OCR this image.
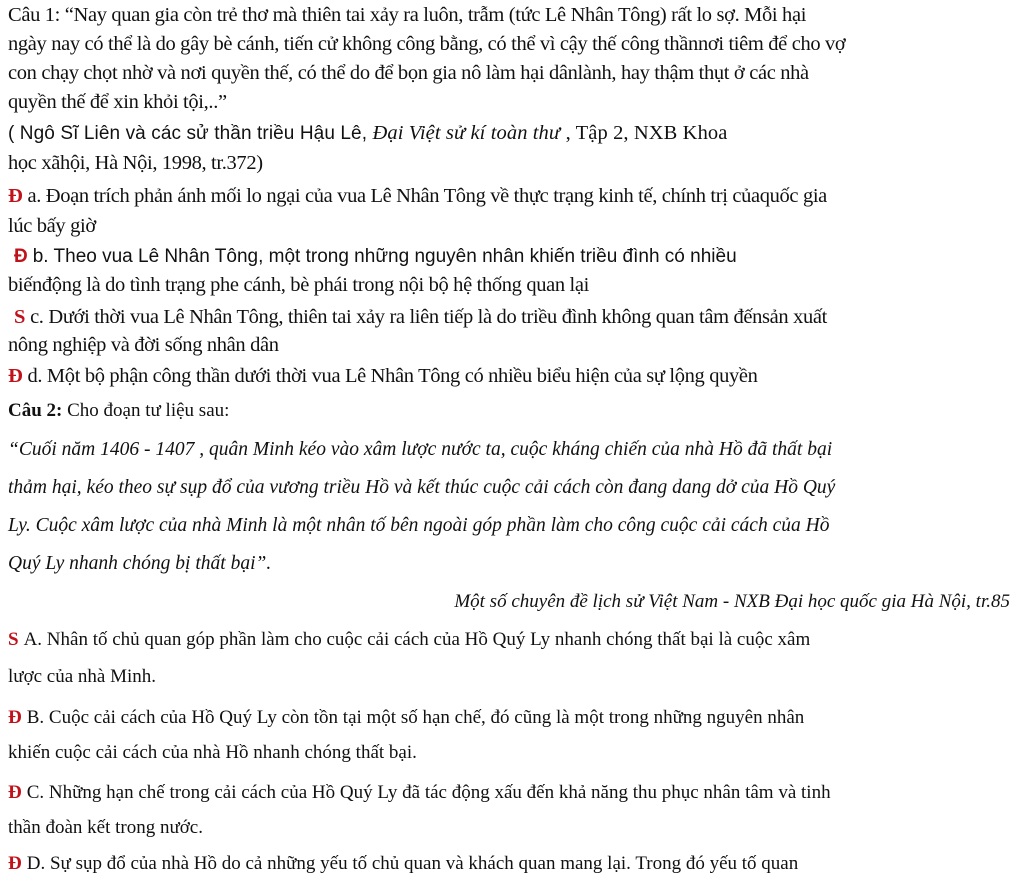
Câu 1: “Nay quan gia còn trẻ thơ mà thiên tai xảy ra luôn, trẫm (tức Lê Nhân Tông) rất lo sợ. Mỗi hại
ngày nay có thể là do gây bè cánh, tiến cử không công bằng, có thể vì cậy thế công thầnnơi tiêm để cho vợ
con chạy chọt nhờ và nơi quyền thế, có thể do để bọn gia nô làm hại dânlành, hay thậm thụt ở các nhà
quyền thế để xin khỏi tội,..”
( Ngô Sĩ Liên và các sử thần triều Hậu Lê, Đại Việt sử kí toàn thư , Tập 2, NXB Khoa
học xãhội, Hà Nội, 1998, tr.372)
Đ a. Đoạn trích phản ánh mối lo ngại của vua Lê Nhân Tông về thực trạng kinh tế, chính trị củaquốc gia
lúc bấy giờ
Đ b. Theo vua Lê Nhân Tông, một trong những nguyên nhân khiến triều đình có nhiều
biếnđộng là do tình trạng phe cánh, bè phái trong nội bộ hệ thống quan lại
S c. Dưới thời vua Lê Nhân Tông, thiên tai xảy ra liên tiếp là do triều đình không quan tâm đếnsản xuất
nông nghiệp và đời sống nhân dân
Đ d. Một bộ phận công thần dưới thời vua Lê Nhân Tông có nhiều biểu hiện của sự lộng quyền
Câu 2: Cho đoạn tư liệu sau:
“Cuối năm 1406 - 1407 , quân Minh kéo vào xâm lược nước ta, cuộc kháng chiến của nhà Hồ đã thất bại
thảm hại, kéo theo sự sụp đổ của vương triều Hồ và kết thúc cuộc cải cách còn đang dang dở của Hồ Quý
Ly. Cuộc xâm lược của nhà Minh là một nhân tố bên ngoài góp phần làm cho công cuộc cải cách của Hồ
Quý Ly nhanh chóng bị thất bại”.
Một số chuyên đề lịch sử Việt Nam - NXB Đại học quốc gia Hà Nội, tr.85
S A. Nhân tố chủ quan góp phần làm cho cuộc cải cách của Hồ Quý Ly nhanh chóng thất bại là cuộc xâm
lược của nhà Minh.
Đ B. Cuộc cải cách của Hồ Quý Ly còn tồn tại một số hạn chế, đó cũng là một trong những nguyên nhân
khiến cuộc cải cách của nhà Hồ nhanh chóng thất bại.
Đ C. Những hạn chế trong cải cách của Hồ Quý Ly đã tác động xấu đến khả năng thu phục nhân tâm và tinh
thần đoàn kết trong nước.
Đ D. Sự sụp đổ của nhà Hồ do cả những yếu tố chủ quan và khách quan mang lại. Trong đó yếu tố quan
